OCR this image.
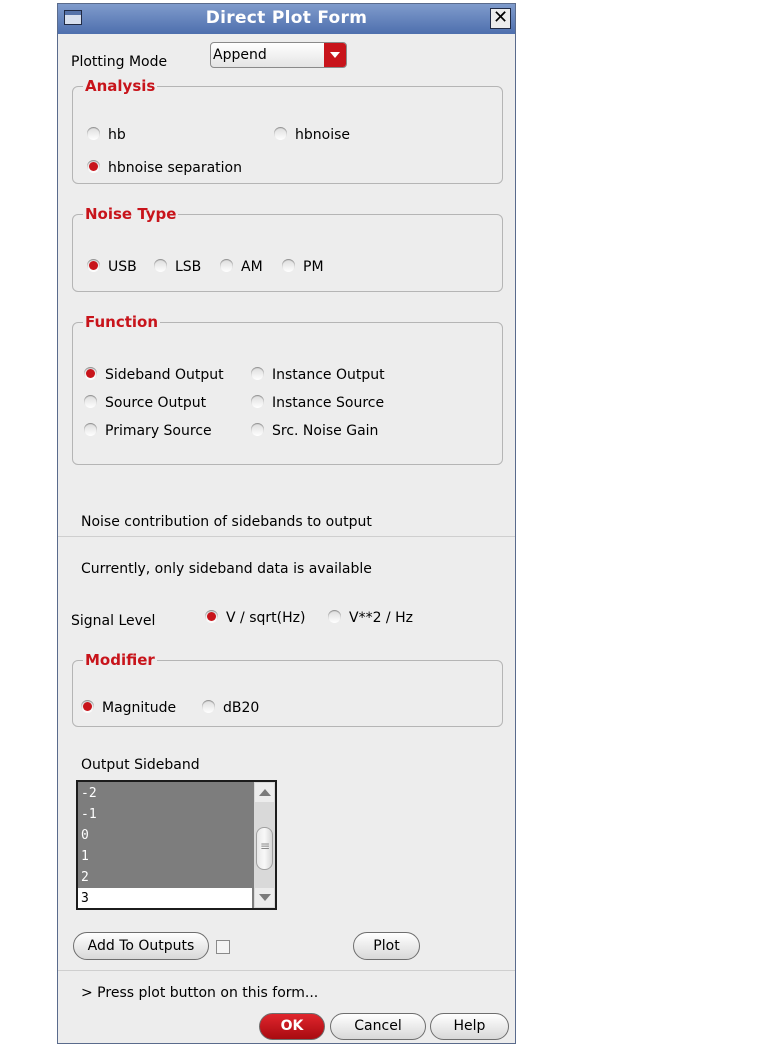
Direct Plot Form	✕
Plotting Mode	Append
Analysis
hb	hbnoise
hbnoise separation
Noise Type
USB	LSB	AM	PM
Function
Sideband Output	Instance Output
Source Output	Instance Source
Primary Source	Src. Noise Gain
Noise contribution of sidebands to output
Currently, only sideband data is available
Signal Level	V / sqrt(Hz)	V**2 / Hz
Modifier
Magnitude	dB20
Output Sideband
-2
-1
0
1
2
3
≡
Add To Outputs	Plot
> Press plot button on this form...
OK	Cancel	Help
